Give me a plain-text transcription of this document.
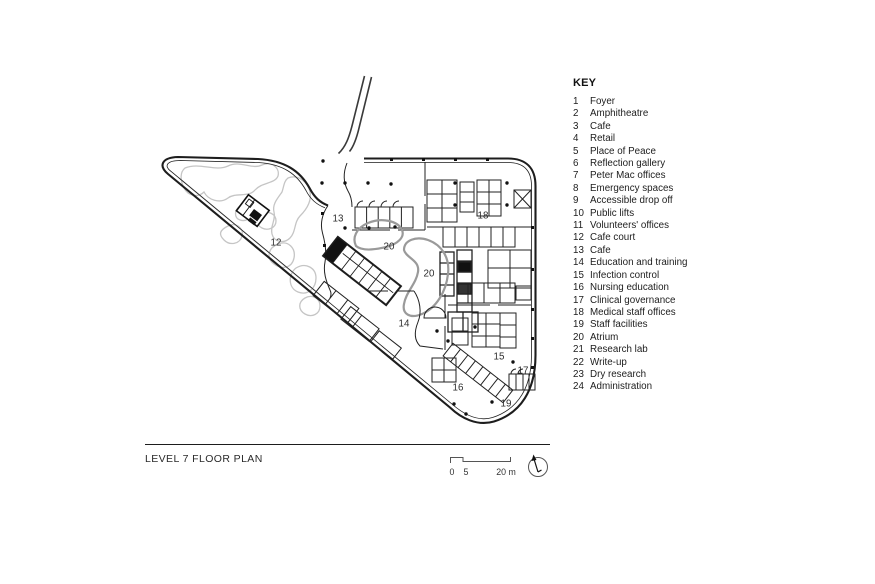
12
13
20
20
18
14
15
17
16
19
KEY
1	Foyer
2	Amphitheatre
3	Cafe
4	Retail
5	Place of Peace
6	Reflection gallery
7	Peter Mac offices
8	Emergency spaces
9	Accessible drop off
10 Public lifts
11 Volunteers' offices
12 Cafe court
13 Cafe
14 Education and training
15 Infection control
16 Nursing education
17 Clinical governance
18 Medical staff offices
19 Staff facilities
20 Atrium
21 Research lab
22 Write-up
23 Dry research
24 Administration
LEVEL 7 FLOOR PLAN
0 5	20 m
